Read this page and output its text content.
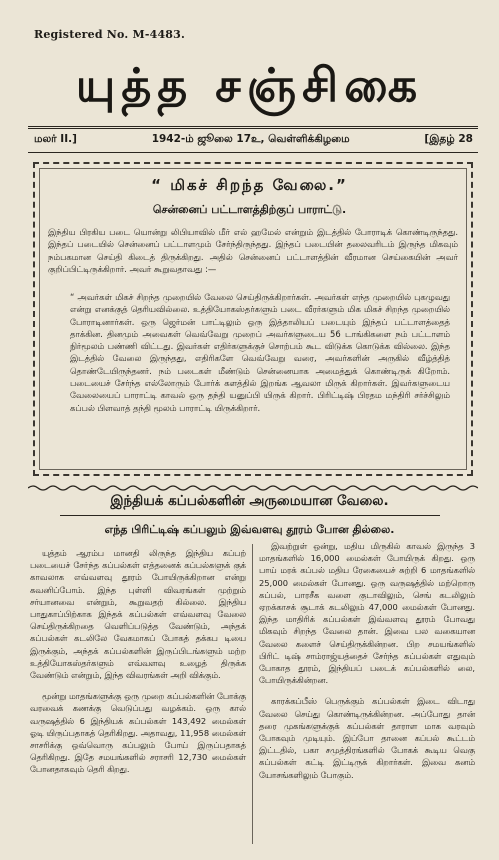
Registered No. M-4483.
யுத்த சஞ்சிகை
மலர் II.]	1942-ம் ஜூலை 17உ, வெள்ளிக்கிழமை	[இதழ் 28
“ மிகச் சிறந்த வேலை.”
சென்னைப் பட்டாளத்திற்குப் பாராட்டு.
இந்திய பிரகிய படை யொன்று லிபியாவில் மீர் எல் ஹமேல் என்றும் இடத்தில் போராடிக் கொண்டிருந்தது. இந்தப் படையில் சென்னைப் பட்டாளமும் சேர்ந்திருந்தது. இந்தப் படையின் தலைவரிடம் இருந்த மிகவும் நம்பகமான செய்தி கிடைத் திருக்கிறது. அதில் சென்னைப் பட்டாளத்தின் வீரமான செய்கையின் அவர் குறிப்பிட்டிருக்கிறார். அவர் கூறுவதாவது :—
“ அவர்கள் மிகச் சிறந்த முறையில் வேலை செய்திருக்கிறார்கள். அவர்கள் எந்த முறையில் புகழுவது என்று எனக்குத் தெரியவில்லை. உத்தியோகஸ்தர்களும் படை வீரர்களும் மிக மிகச் சிறந்த முறையில் போராடினார்கள். ஒரு ஜெர்மன் பாட்டிலும் ஒரு இத்தாலியப் படையும் இந்தப் பட்டாளத்தைத் தாக்கின. தினமும் அவைகள் வெவ்வேறு முறைப் அவர்களுடைய 56 டாங்கிகளை நம் பட்டாளம் நிர்மூலம் பண்ணி விட்டது. இவர்கள் எதிர்களுக்குச் சொற்பம் கூட விடுக்க கொடுக்க வில்லை. இந்த இடத்தில் வேலை இருந்தது, எதிரிகளே வெவ்வேறு வரை, அவர்களின் அருகில் வீழ்த்தித் தொண்டேயிருந்தனர். நம் படைகள் மீண்டும் சென்னையாக அமைத்துக் கொண்டிருக் கிறோம். படையைச் சேர்ந்த எல்லோரும் போர்க் களத்தில் இறங்க ஆவலா மிருக் கிறார்கள். இவர்களுடைய வேலையைப் பாராட்டி காவல் ஒரு தந்தி யனுப்பி யிருக் கிறார். பிரிட்டிஷ் பிரதம மந்திரி சர்ச்சிலும் கப்பல் பிளவாத் தந்தி மூலம் பாராட்டி யிருக்கிறார்.
இந்தியக் கப்பல்களின் அருமையான வேலை.
எந்த பிரிட்டிஷ் கப்பலும் இவ்வளவு தூரம் போன தில்லை.

யுத்தம் ஆரம்ப மானதி லிருந்த இந்திய கப்பற் படையைச் சேர்ந்த கப்பல்கள் எத்தனைக் கப்பல்களுக் குக் காவலாக எவ்வளவு தூரம் போயிருக்கிறான என்று கவனிப்போம். இந்த புள்ளி விவரங்கள் முற்றும் சர்யானவை என்றும், கூறுவதற் கில்லை. இந்திய பாதுகாப்பிற்காக இந்தக் கப்பல்கள் எவ்வளவு வேலை செய்திருக்கிறதை வெளிப்படுத்த வேண்டும், அந்தக் கப்பல்கள் கடலிலே வேகமாகப் போகத் தக்கப டியை இருக்கும், அந்தக் கப்பல்களின் இருப்பிடங்களும் மற்ற உத்தியோகஸ்தர்களும் எவ்வளவு உழைத் திருக்க வேண்டும் என்றும், இந்த விவரங்கள் அறி விக்கும்.

மூன்று மாதங்களுக்கு ஒரு முறை கப்பல்களின் போக்கு வரவைக் கணக்கு வெடுப்பது வழக்கம். ஒரு கால் வருஷத்தில் 6 இந்தியக் கப்பல்கள் 143,492 மைல்கள் ஓடி யிருப்பதாகத் தெரிகிறது. அதாவது, 11,958 மைல்கள் சாசரிக்கு ஒவ்வொரு கப்பலும் போய் இருப்பதாகத் தெரிகிறது. இதே சமயங்களில் சராசரி 12,730 மைல்கள் போனதாகவும் தெரி கிறது.

இவற்றுள் ஒன்று, மதிய மிருகில் காவல் இருந்த 3 மாதங்களில் 16,000 மைல்கள் போயிருக் கிறது. ஒரு பாய் மரக் கப்பல் மதிய ரேகையைச் சுற்றி 6 மாதங்களில் 25,000 மைல்கள் போனது. ஒரு வருஷத்தில் மற்றொரு கப்பல், பாரசீக வளை குடாவிலும், செங் கடலிலும் ஏறக்காசக் சூடாக் கடலிலும் 47,000 மைல்கள் போனது. இந்த மாதிரிக் கப்பல்கள் இவ்வளவு தூரம் போவது மிகவும் சிறந்த வேலை தான். இவை பல வகையான வேலை களைச் செய்திருக்கின்றன. பிற சமயங்களில் பிரிட் டிஷ் சாம்ராஜ்யத்தைச் சேர்ந்த கப்பல்கள் எதுவும் போகாத தூரம், இந்தியப் படைக் கப்பல்களில் லை, போயிருக்கின்றன.

காரக்கப்பீஸ் பெருக்கும் கப்பல்கள் இடை விடாது வேலை செய்து கொண்டிருக்கின்றன. அப்போது தான் தரை முகங்களுக்குக் கப்பல்கள் தாராள மாக வரவும் போகவும் முடியும். இப்போ தானை கப்பல் கூட்டம் இட்டதில், பகா சமுத்திரங்களில் போகக் கூடிய வெகு கப்பல்கள் கட்டி இட்டிருக் கிறார்கள். இவை கனம் யோசங்களிலும் போகும்.
